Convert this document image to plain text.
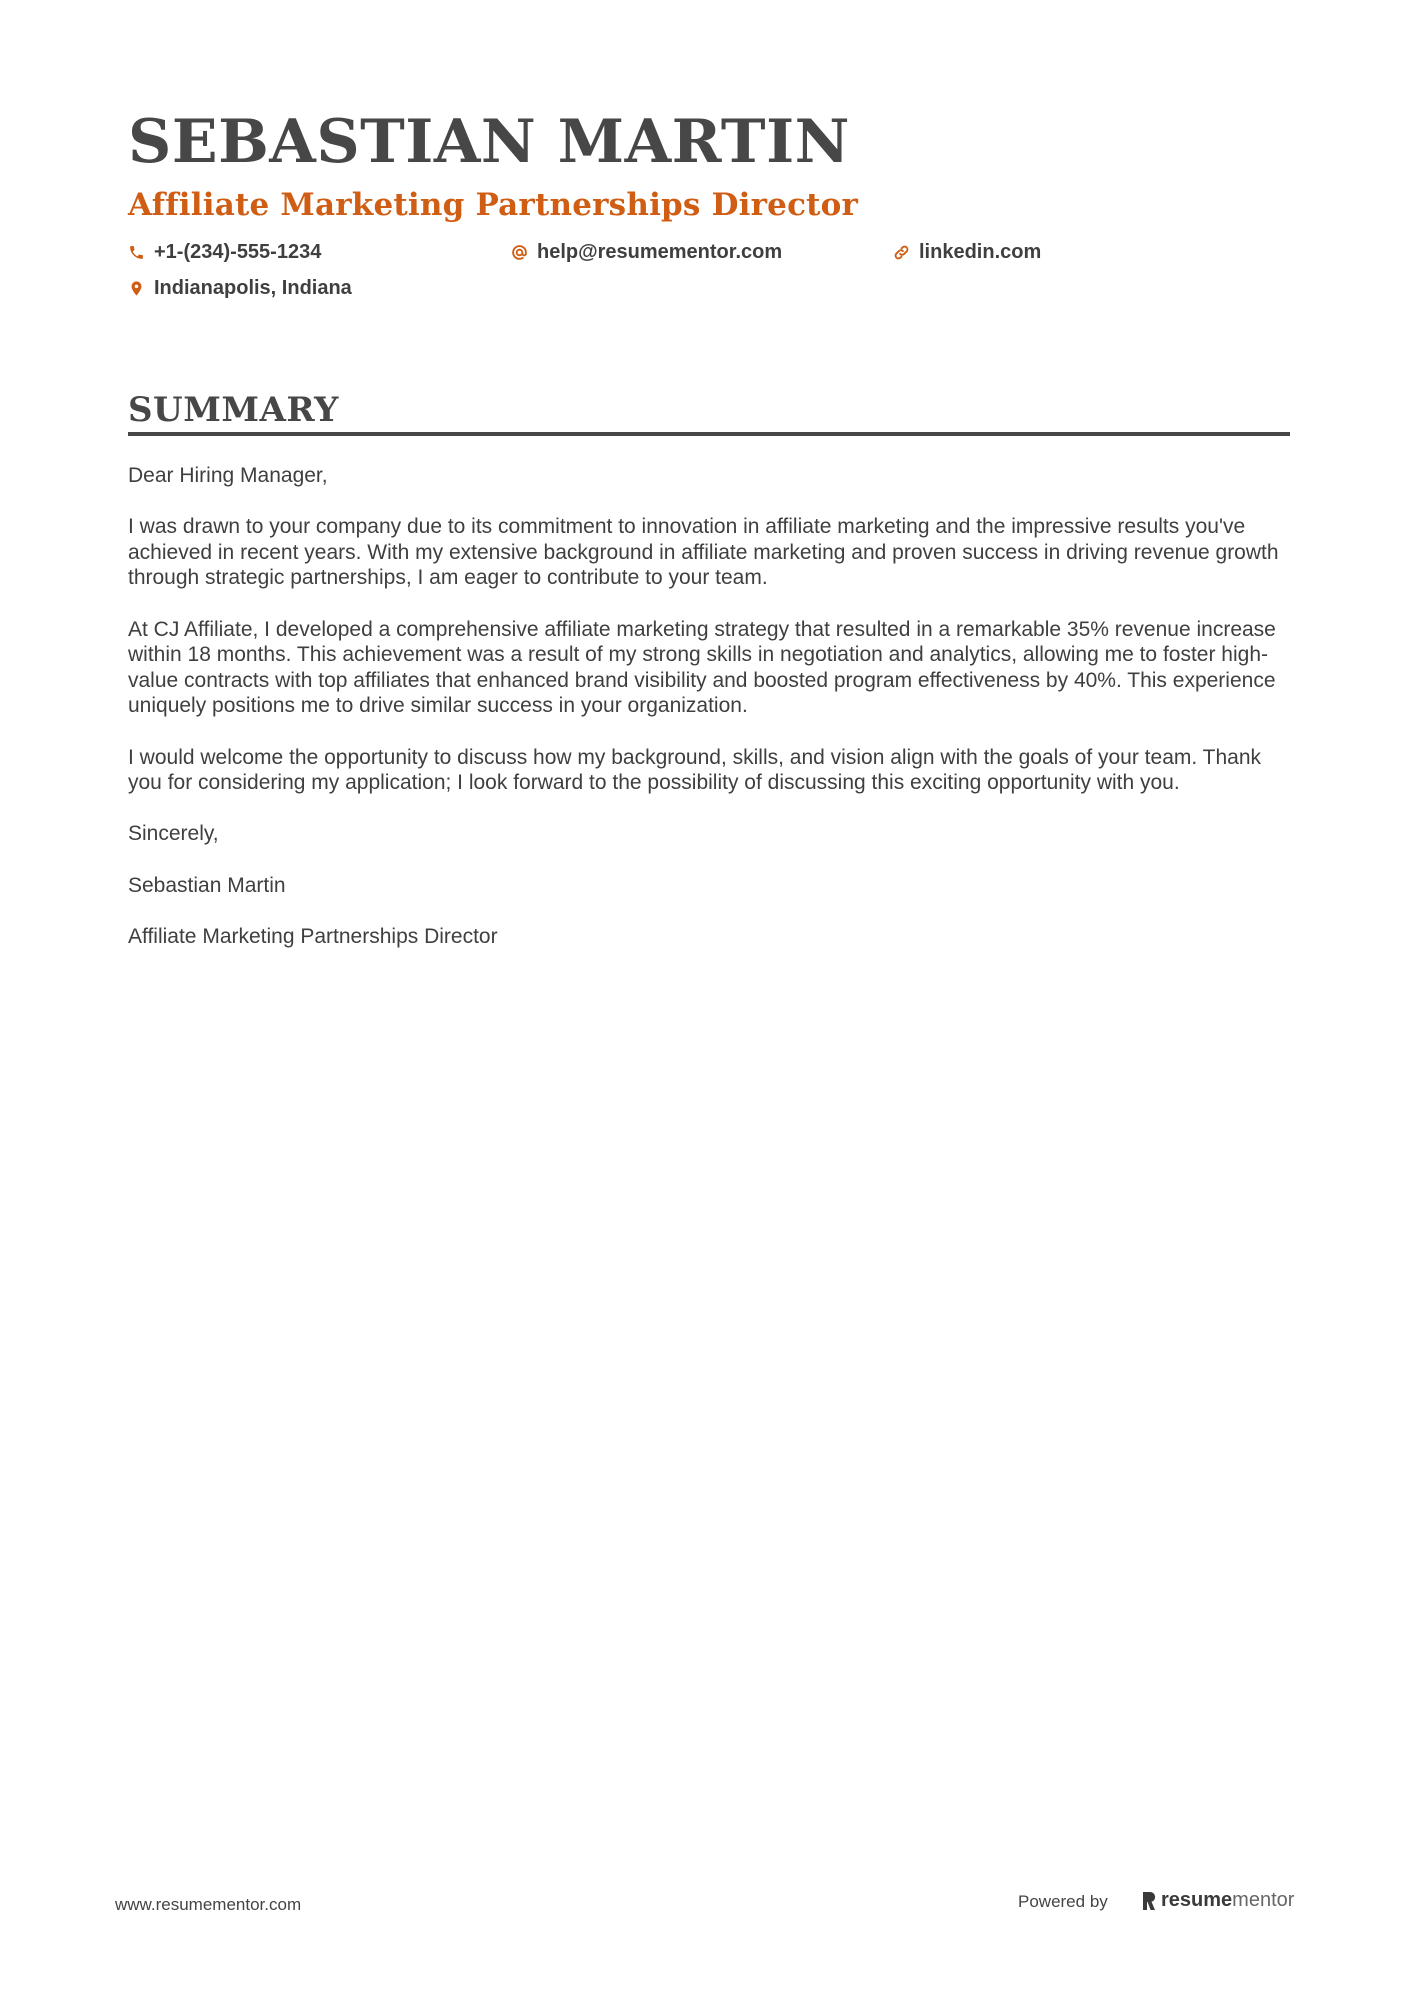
SEBASTIAN MARTIN
Affiliate Marketing Partnerships Director
+1-(234)-555-1234	help@resumementor.com	linkedin.com
Indianapolis, Indiana
SUMMARY

Dear Hiring Manager,

I was drawn to your company due to its commitment to innovation in affiliate marketing and the impressive results you've achieved in recent years. With my extensive background in affiliate marketing and proven success in driving revenue growth through strategic partnerships, I am eager to contribute to your team.

At CJ Affiliate, I developed a comprehensive affiliate marketing strategy that resulted in a remarkable 35% revenue increase within 18 months. This achievement was a result of my strong skills in negotiation and analytics, allowing me to foster high-value contracts with top affiliates that enhanced brand visibility and boosted program effectiveness by 40%. This experience uniquely positions me to drive similar success in your organization.

I would welcome the opportunity to discuss how my background, skills, and vision align with the goals of your team. Thank you for considering my application; I look forward to the possibility of discussing this exciting opportunity with you.

Sincerely,

Sebastian Martin

Affiliate Marketing Partnerships Director

www.resumementor.com	Powered by	resume mentor
